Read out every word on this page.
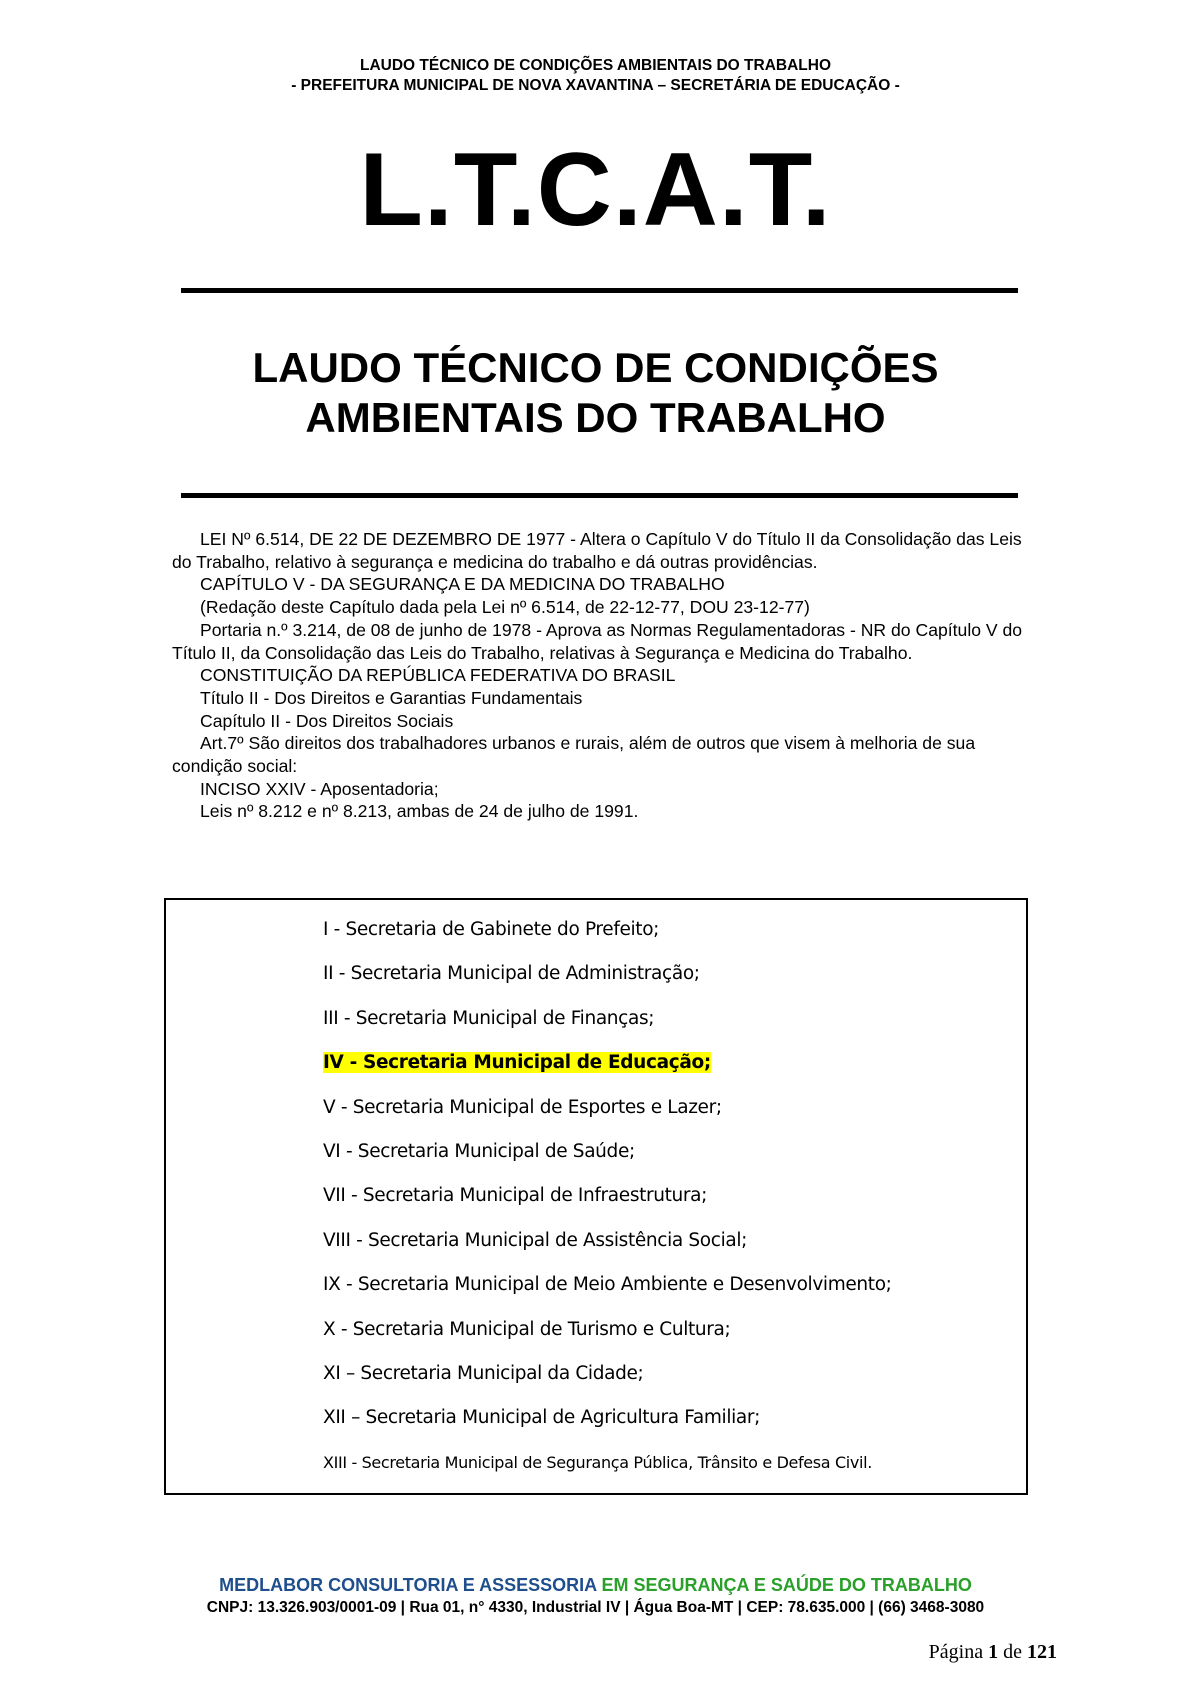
LAUDO TÉCNICO DE CONDIÇÕES AMBIENTAIS DO TRABALHO
- PREFEITURA MUNICIPAL DE NOVA XAVANTINA – SECRETÁRIA DE EDUCAÇÃO -
L.T.C.A.T.
LAUDO TÉCNICO DE CONDIÇÕES
AMBIENTAIS DO TRABALHO

LEI Nº 6.514, DE 22 DE DEZEMBRO DE 1977 - Altera o Capítulo V do Título II da Consolidação das Leis do Trabalho, relativo à segurança e medicina do trabalho e dá outras providências.

CAPÍTULO V - DA SEGURANÇA E DA MEDICINA DO TRABALHO

(Redação deste Capítulo dada pela Lei nº 6.514, de 22-12-77, DOU 23-12-77)

Portaria n.º 3.214, de 08 de junho de 1978 - Aprova as Normas Regulamentadoras - NR do Capítulo V do Título II, da Consolidação das Leis do Trabalho, relativas à Segurança e Medicina do Trabalho.

CONSTITUIÇÃO DA REPÚBLICA FEDERATIVA DO BRASIL

Título II - Dos Direitos e Garantias Fundamentais

Capítulo II - Dos Direitos Sociais

Art.7º São direitos dos trabalhadores urbanos e rurais, além de outros que visem à melhoria de sua condição social:

INCISO XXIV - Aposentadoria;

Leis nº 8.212 e nº 8.213, ambas de 24 de julho de 1991.

I - Secretaria de Gabinete do Prefeito;
II - Secretaria Municipal de Administração;
III - Secretaria Municipal de Finanças;
IV - Secretaria Municipal de Educação;
V - Secretaria Municipal de Esportes e Lazer;
VI - Secretaria Municipal de Saúde;
VII - Secretaria Municipal de Infraestrutura;
VIII - Secretaria Municipal de Assistência Social;
IX - Secretaria Municipal de Meio Ambiente e Desenvolvimento;
X - Secretaria Municipal de Turismo e Cultura;
XI – Secretaria Municipal da Cidade;
XII – Secretaria Municipal de Agricultura Familiar;
XIII - Secretaria Municipal de Segurança Pública, Trânsito e Defesa Civil.
MEDLABOR CONSULTORIA E ASSESSORIA EM SEGURANÇA E SAÚDE DO TRABALHO
CNPJ: 13.326.903/0001-09 | Rua 01, n° 4330, Industrial IV | Água Boa-MT | CEP: 78.635.000 | (66) 3468-3080
Página 1 de 121
